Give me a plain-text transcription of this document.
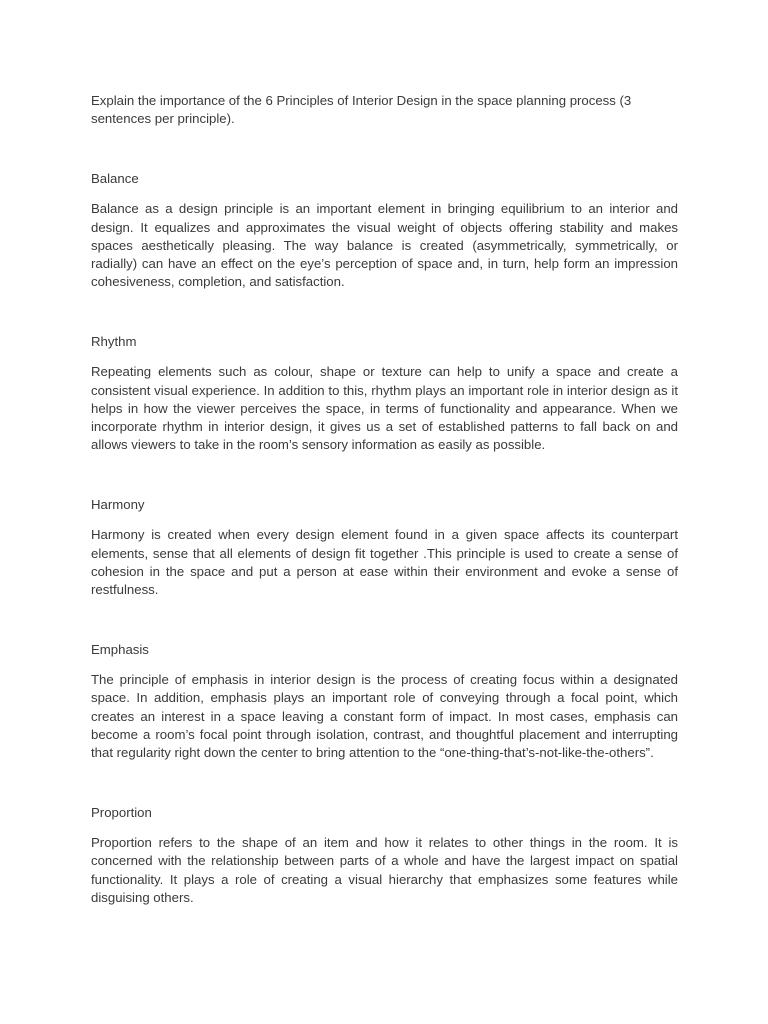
Explain the importance of the 6 Principles of Interior Design in the space planning process (3 sentences per principle).

Balance

Balance as a design principle is an important element in bringing equilibrium to an interior and design. It equalizes and approximates the visual weight of objects offering stability and makes spaces aesthetically pleasing. The way balance is created (asymmetrically, symmetrically, or radially) can have an effect on the eye’s perception of space and, in turn, help form an impression cohesiveness, completion, and satisfaction.

Rhythm

Repeating elements such as colour, shape or texture can help to unify a space and create a consistent visual experience. In addition to this, rhythm plays an important role in interior design as it helps in how the viewer perceives the space, in terms of functionality and appearance. When we incorporate rhythm in interior design, it gives us a set of established patterns to fall back on and allows viewers to take in the room’s sensory information as easily as possible.

Harmony

Harmony is created when every design element found in a given space affects its counterpart elements, sense that all elements of design fit together .This principle is used to create a sense of cohesion in the space and put a person at ease within their environment and evoke a sense of restfulness.

Emphasis

The principle of emphasis in interior design is the process of creating focus within a designated space. In addition, emphasis plays an important role of conveying through a focal point, which creates an interest in a space leaving a constant form of impact. In most cases, emphasis can become a room’s focal point through isolation, contrast, and thoughtful placement and interrupting that regularity right down the center to bring attention to the “one-thing-that’s-not-like-the-others”.

Proportion

Proportion refers to the shape of an item and how it relates to other things in the room. It is concerned with the relationship between parts of a whole and have the largest impact on spatial functionality. It plays a role of creating a visual hierarchy that emphasizes some features while disguising others.
